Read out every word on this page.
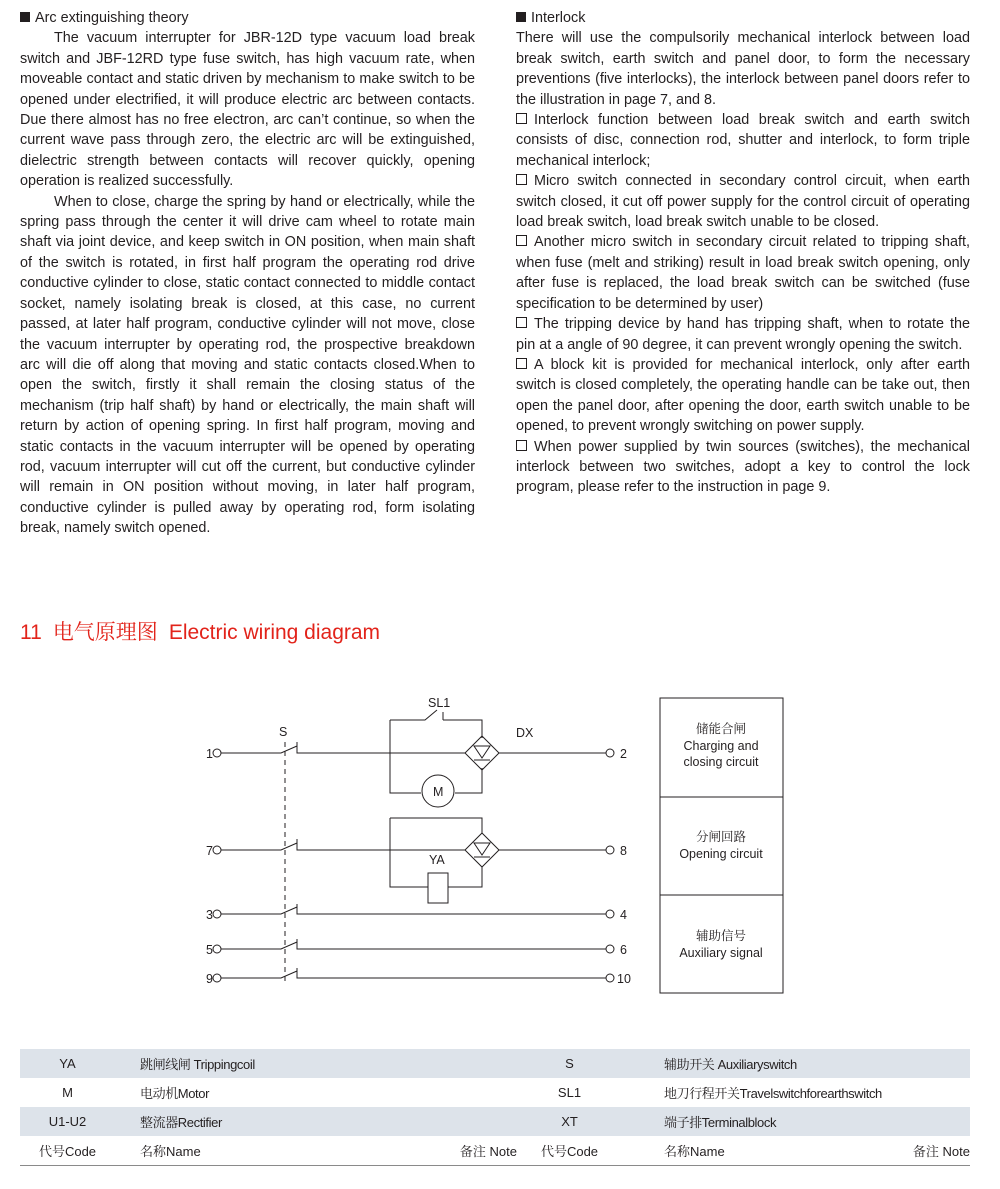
Arc extinguishing theory

The vacuum interrupter for JBR-12D type vacuum load break switch and JBF-12RD type fuse switch, has high vacuum rate, when moveable contact and static driven by mechanism to make switch to be opened under electrified, it will produce electric arc between contacts. Due there almost has no free electron, arc can’t continue, so when the current wave pass through zero, the electric arc will be extinguished, dielectric strength between contacts will recover quickly, opening operation is realized successfully.

When to close, charge the spring by hand or electrically, while the spring pass through the center it will drive cam wheel to rotate main shaft via joint device, and keep switch in ON position, when main shaft of the switch is rotated, in first half program the operating rod drive conductive cylinder to close, static contact connected to middle contact socket, namely isolating break is closed, at this case, no current passed, at later half program, conductive cylinder will not move, close the vacuum interrupter by operating rod, the prospective breakdown arc will die off along that moving and static contacts closed.When to open the switch, firstly it shall remain the closing status of the mechanism (trip half shaft) by hand or electrically, the main shaft will return by action of opening spring. In first half program, moving and static contacts in the vacuum interrupter will be opened by operating rod, vacuum interrupter will cut off the current, but conductive cylinder will remain in ON position without moving, in later half program, conductive cylinder is pulled away by operating rod, form isolating break, namely switch opened.

Interlock

There will use the compulsorily mechanical interlock between load break switch, earth switch and panel door, to form the necessary preventions (five interlocks), the interlock between panel doors refer to the illustration in page 7, and 8.

Interlock function between load break switch and earth switch consists of disc, connection rod, shutter and interlock, to form triple mechanical interlock;

Micro switch connected in secondary control circuit, when earth switch closed, it cut off power supply for the control circuit of operating load break switch, load break switch unable to be closed.

Another micro switch in secondary circuit related to tripping shaft, when fuse (melt and striking) result in load break switch opening, only after fuse is replaced, the load break switch can be switched (fuse specification to be determined by user)

The tripping device by hand has tripping shaft, when to rotate the pin at a angle of 90 degree, it can prevent wrongly opening the switch.

A block kit is provided for mechanical interlock, only after earth switch is closed completely, the operating handle can be take out, then open the panel door, after opening the door, earth switch unable to be opened, to prevent wrongly switching on power supply.

When power supplied by twin sources (switches), the mechanical interlock between two switches, adopt a key to control the lock program, please refer to the instruction in page 9.

11 电气原理图 Electric wiring diagram
S
SL1
DX
M
YA
1	2
7	8
3	4
5	6
9	10
储能合闸
Charging and
closing circuit
分闸回路
Opening circuit
辅助信号
Auxiliary signal
YA	跳闸线闸 Trippingcoil		S	辅助开关 Auxiliaryswitch	
M	电动机Motor		SL1	地刀行程开关Travelswitchforearthswitch	
U1-U2	整流器Rectifier		XT	端子排Terminalblock	
代号Code	名称Name	备注 Note	代号Code	名称Name	备注 Note
